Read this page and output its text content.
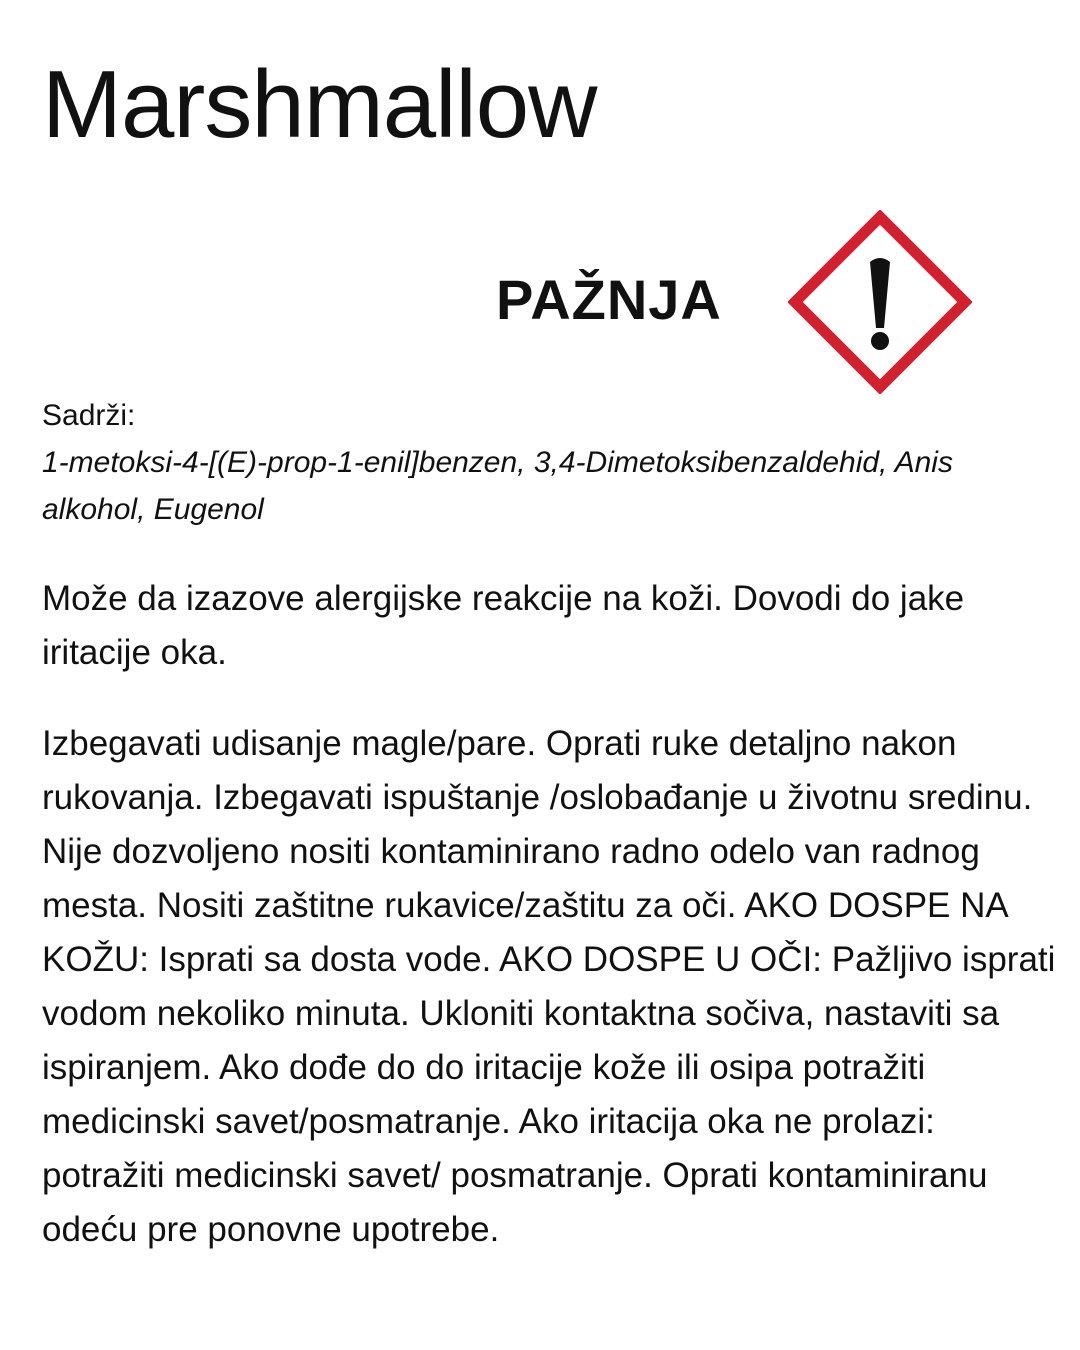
Marshmallow
PAŽNJA
Sadrži:
1-metoksi-4-[(E)-prop-1-enil]benzen, 3,4-Dimetoksibenzaldehid, Anis alkohol, Eugenol

Može da izazove alergijske reakcije na koži. Dovodi do jake iritacije oka.

Izbegavati udisanje magle/pare. Oprati ruke detaljno nakon rukovanja. Izbegavati ispuštanje /oslobađanje u životnu sredinu. Nije dozvoljeno nositi kontaminirano radno odelo van radnog mesta. Nositi zaštitne rukavice/zaštitu za oči. AKO DOSPE NA KOŽU: Isprati sa dosta vode. AKO DOSPE U OČI: Pažljivo isprati vodom nekoliko minuta. Ukloniti kontaktna sočiva, nastaviti sa ispiranjem. Ako dođe do do iritacije kože ili osipa potražiti medicinski savet/posmatranje. Ako iritacija oka ne prolazi: potražiti medicinski savet/ posmatranje. Oprati kontaminiranu odeću pre ponovne upotrebe.
